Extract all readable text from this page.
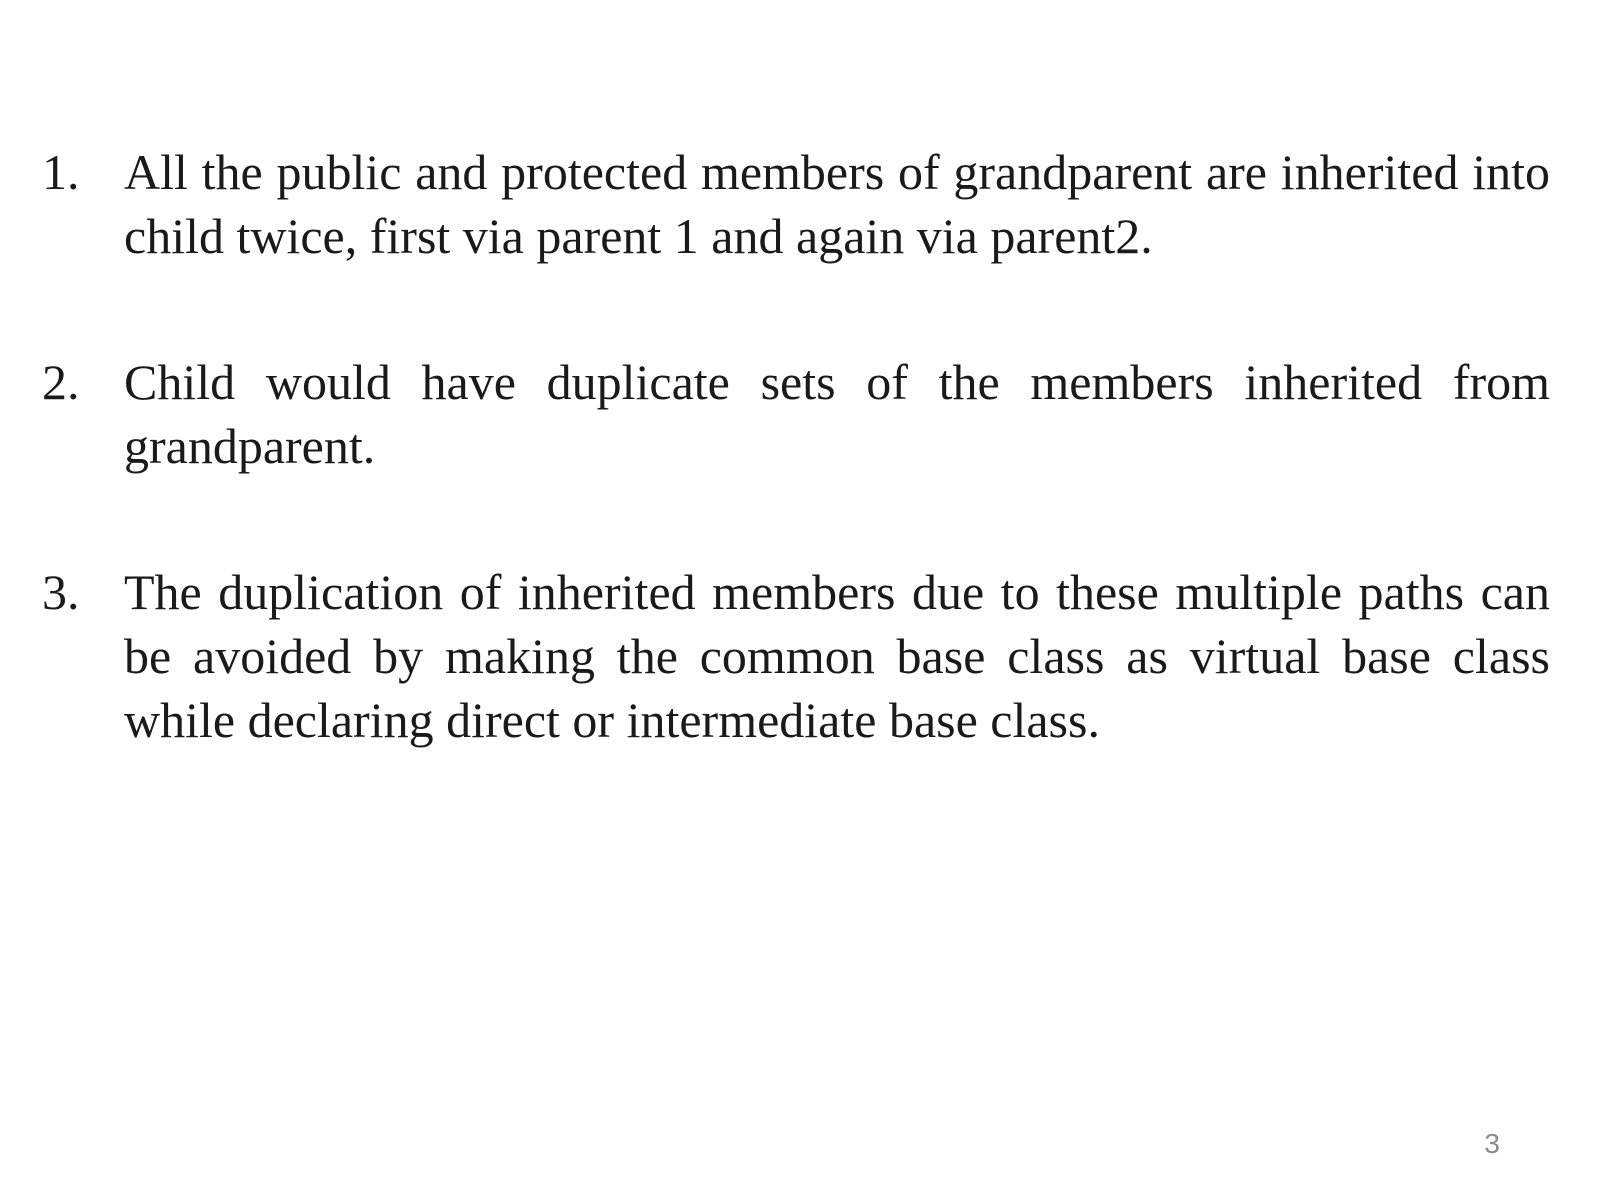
1. All the public and protected members of grandparent are inherited into child twice, first via parent 1 and again via parent2.
2. Child would have duplicate sets of the members inherited from grandparent.
3. The duplication of inherited members due to these multiple paths can be avoided by making the common base class as virtual base class while declaring direct or intermediate base class.
3
